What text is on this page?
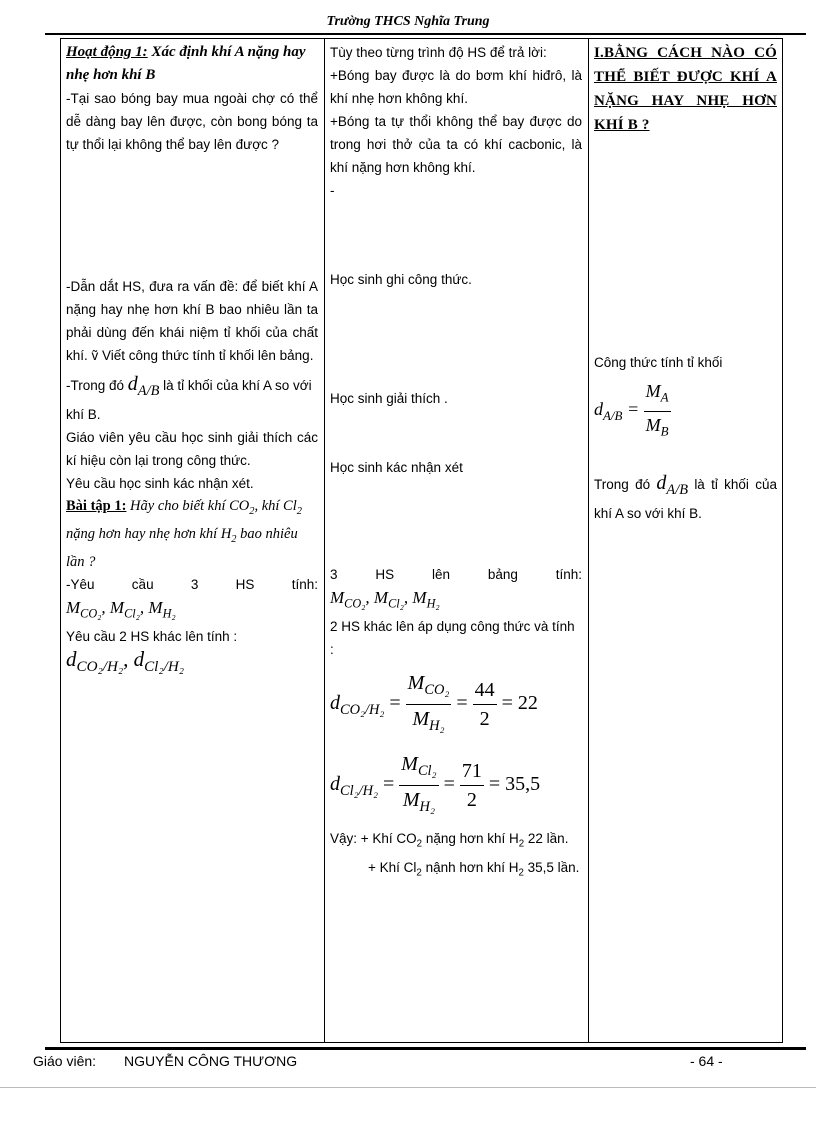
Trường THCS Nghĩa Trung
Hoạt động 1: Xác định khí A nặng hay nhẹ hơn khí B
-Tại sao bóng bay mua ngoài chợ có thể dễ dàng bay lên được, còn bong bóng ta tự thổi lại không thể bay lên được ?
-Dẫn dắt HS, đưa ra vấn đề: để biết khí A nặng hay nhẹ hơn khí B bao nhiêu lần ta phải dùng đến khái niệm tỉ khối của chất khí. ṽ Viết công thức tính tỉ khối lên bảng.
-Trong đó $d_{A/B}$ là tỉ khối của khí A so với khí B.
Giáo viên yêu cầu học sinh giải thích các kí hiệu còn lại trong công thức.
Yêu cầu học sinh kác nhận xét.
Bài tập 1: Hãy cho biết khí $CO_2$, khí $Cl_2$ nặng hơn hay nhẹ hơn khí $H_2$ bao nhiêu lần ?
-Yêu cầu 3 HS tính:
$M_{CO_2}$, $M_{Cl_2}$, $M_{H_2}$
Yêu cầu 2 HS khác lên tính :
$d_{CO_2/H_2}$, $d_{Cl_2/H_2}$
Tùy theo từng trình độ HS để trả lời:
+Bóng bay được là do bơm khí hiđrô, là khí nhẹ hơn không khí.
+Bóng ta tự thổi không thể bay được do trong hơi thở của ta có khí cacbonic, là khí nặng hơn không khí.
-
Học sinh ghi công thức.
Học sinh giải thích .
Học sinh kác nhận xét
3 HS lên bảng tính:
$M_{CO_2}$, $M_{Cl_2}$, $M_{H_2}$
2 HS khác lên áp dụng công thức và tính :
$d_{CO_2/H_2} = \frac{M_{CO_2}}{M_{H_2}} = \frac{44}{2} = 22$
$d_{Cl_2/H_2} = \frac{M_{Cl_2}}{M_{H_2}} = \frac{71}{2} = 35,5$
Vậy: + Khí $CO_2$ nặng hơn khí $H_2$ 22 lần.
+ Khí $Cl_2$ nậnh hơn khí $H_2$ 35,5 lần.
I.BẰNG CÁCH NÀO CÓ THỂ BIẾT ĐƯỢC KHÍ A NẶNG HAY NHẸ HƠN KHÍ B ?
Công thức tính tỉ khối
$d_{A/B} = \frac{M_A}{M_B}$
Trong đó $d_{A/B}$ là tỉ khối của khí A so với khí B.
Giáo viên: NGUYỄN CÔNG THƯƠNG	- 64 -
